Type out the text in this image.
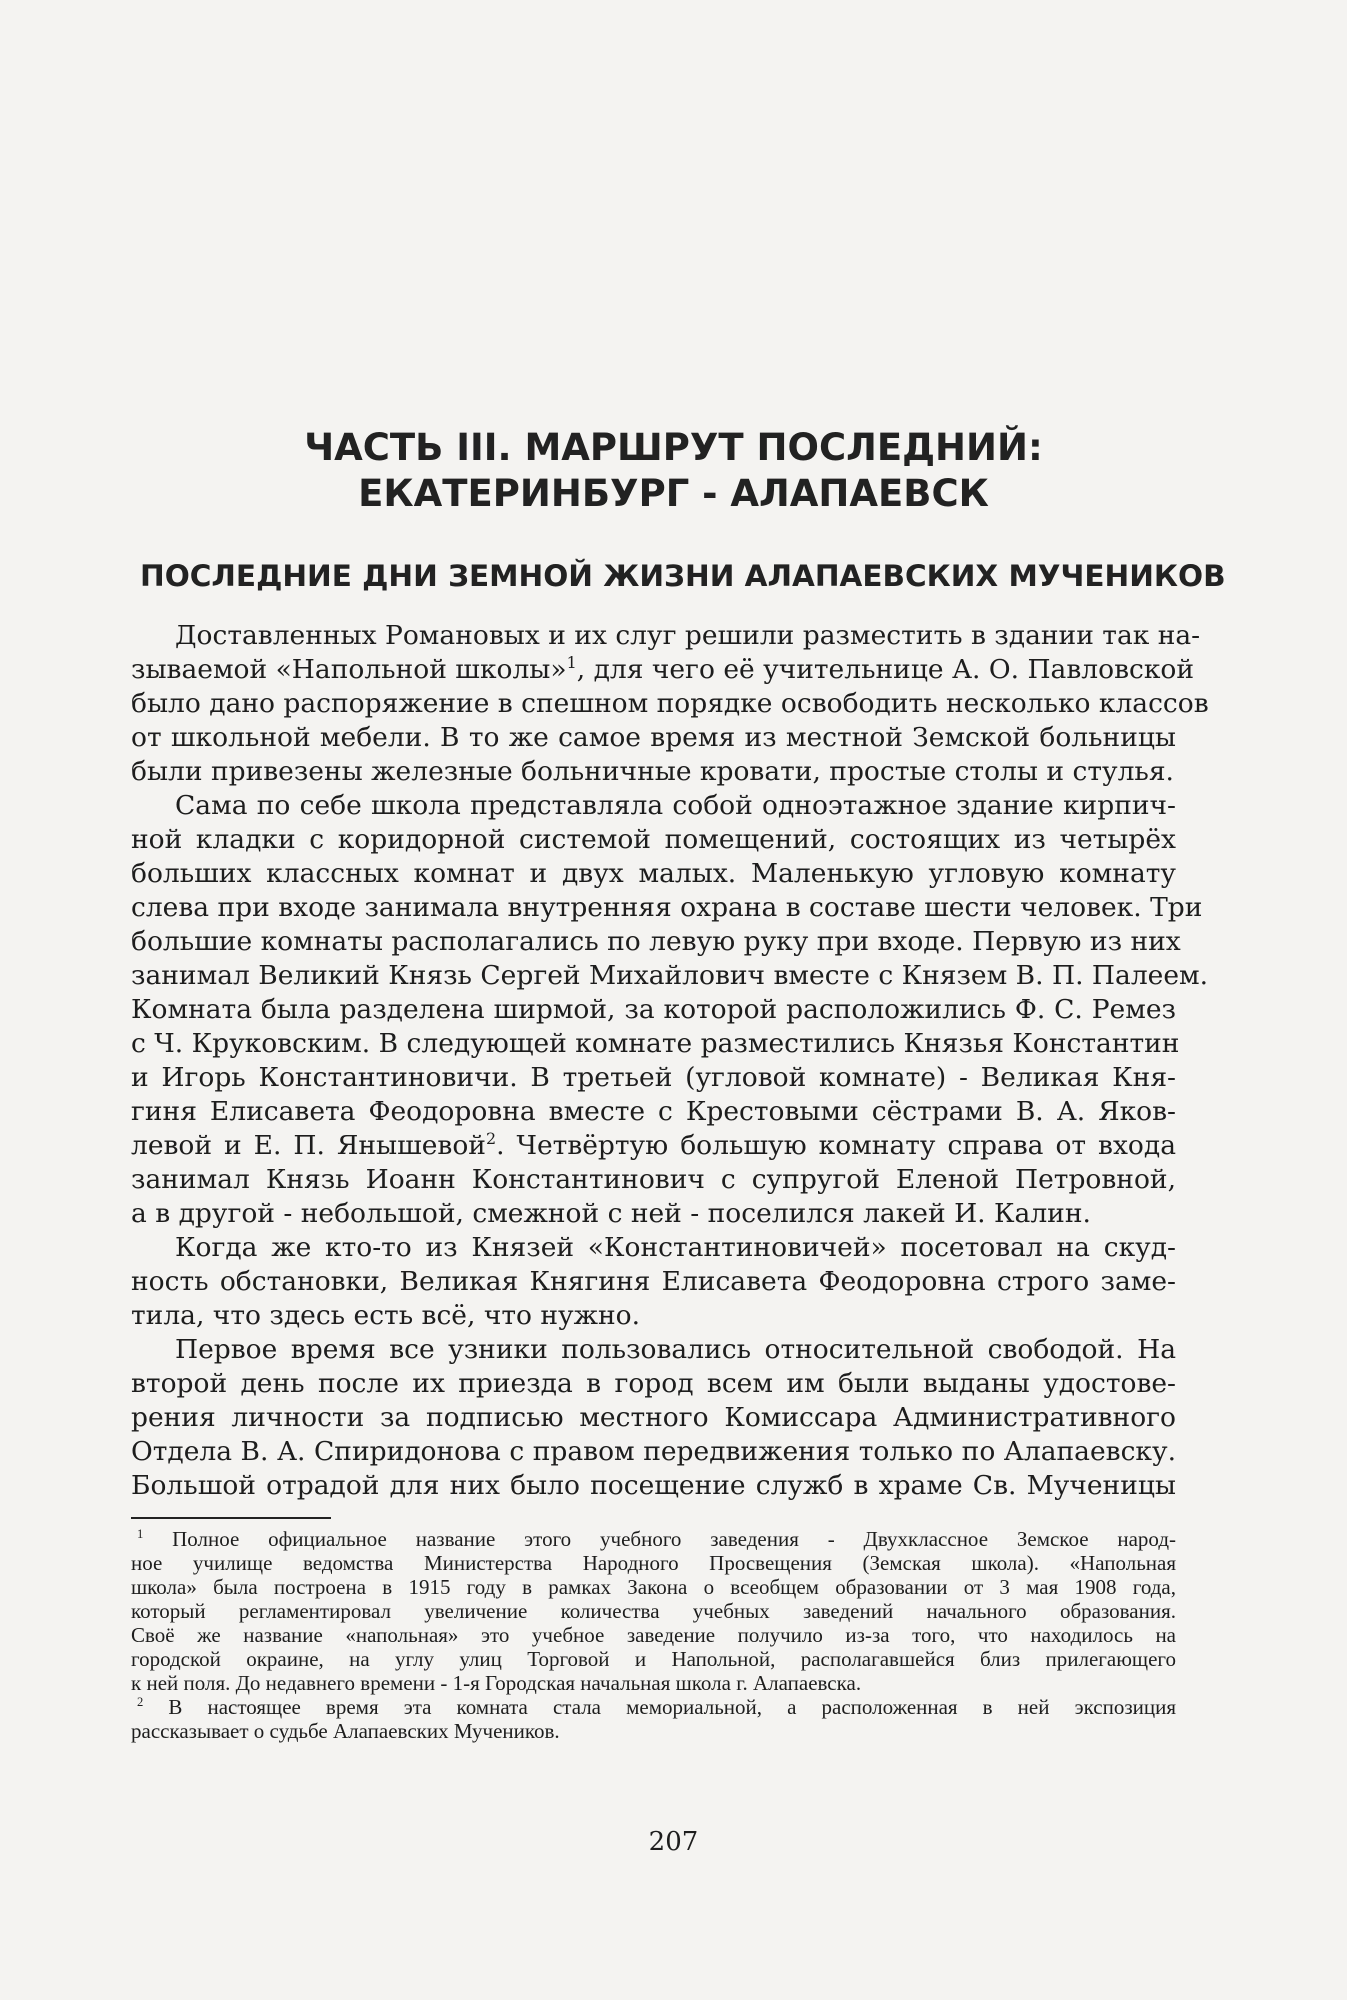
ЧАСТЬ III. МАРШРУТ ПОСЛЕДНИЙ:
ЕКАТЕРИНБУРГ - АЛАПАЕВСК
ПОСЛЕДНИЕ ДНИ ЗЕМНОЙ ЖИЗНИ АЛАПАЕВСКИХ МУЧЕНИКОВ
Доставленных Романовых и их слуг решили разместить в здании так на-
зываемой «Напольной школы»$^1$, для чего её учительнице А. О. Павловской
было дано распоряжение в спешном порядке освободить несколько классов
от школьной мебели. В то же самое время из местной Земской больницы
были привезены железные больничные кровати, простые столы и стулья.
Сама по себе школа представляла собой одноэтажное здание кирпич-
ной кладки с коридорной системой помещений, состоящих из четырёх
больших классных комнат и двух малых. Маленькую угловую комнату
слева при входе занимала внутренняя охрана в составе шести человек. Три
большие комнаты располагались по левую руку при входе. Первую из них
занимал Великий Князь Сергей Михайлович вместе с Князем В. П. Палеем.
Комната была разделена ширмой, за которой расположились Ф. С. Ремез
с Ч. Круковским. В следующей комнате разместились Князья Константин
и Игорь Константиновичи. В третьей (угловой комнате) - Великая Кня-
гиня Елисавета Феодоровна вместе с Крестовыми сёстрами В. А. Яков-
левой и Е. П. Янышевой$^2$. Четвёртую большую комнату справа от входа
занимал Князь Иоанн Константинович с супругой Еленой Петровной,
а в другой - небольшой, смежной с ней - поселился лакей И. Калин.
Когда же кто-то из Князей «Константиновичей» посетовал на скуд-
ность обстановки, Великая Княгиня Елисавета Феодоровна строго заме-
тила, что здесь есть всё, что нужно.
Первое время все узники пользовались относительной свободой. На
второй день после их приезда в город всем им были выданы удостове-
рения личности за подписью местного Комиссара Административного
Отдела В. А. Спиридонова с правом передвижения только по Алапаевску.
Большой отрадой для них было посещение служб в храме Св. Мученицы
$^1$ Полное официальное название этого учебного заведения - Двухклассное Земское народ-
ное училище ведомства Министерства Народного Просвещения (Земская школа). «Напольная
школа» была построена в 1915 году в рамках Закона о всеобщем образовании от 3 мая 1908 года,
который регламентировал увеличение количества учебных заведений начального образования.
Своё же название «напольная» это учебное заведение получило из-за того, что находилось на
городской окраине, на углу улиц Торговой и Напольной, располагавшейся близ прилегающего
к ней поля. До недавнего времени - 1-я Городская начальная школа г. Алапаевска.
$^2$ В настоящее время эта комната стала мемориальной, а расположенная в ней экспозиция
рассказывает о судьбе Алапаевских Мучеников.
207
